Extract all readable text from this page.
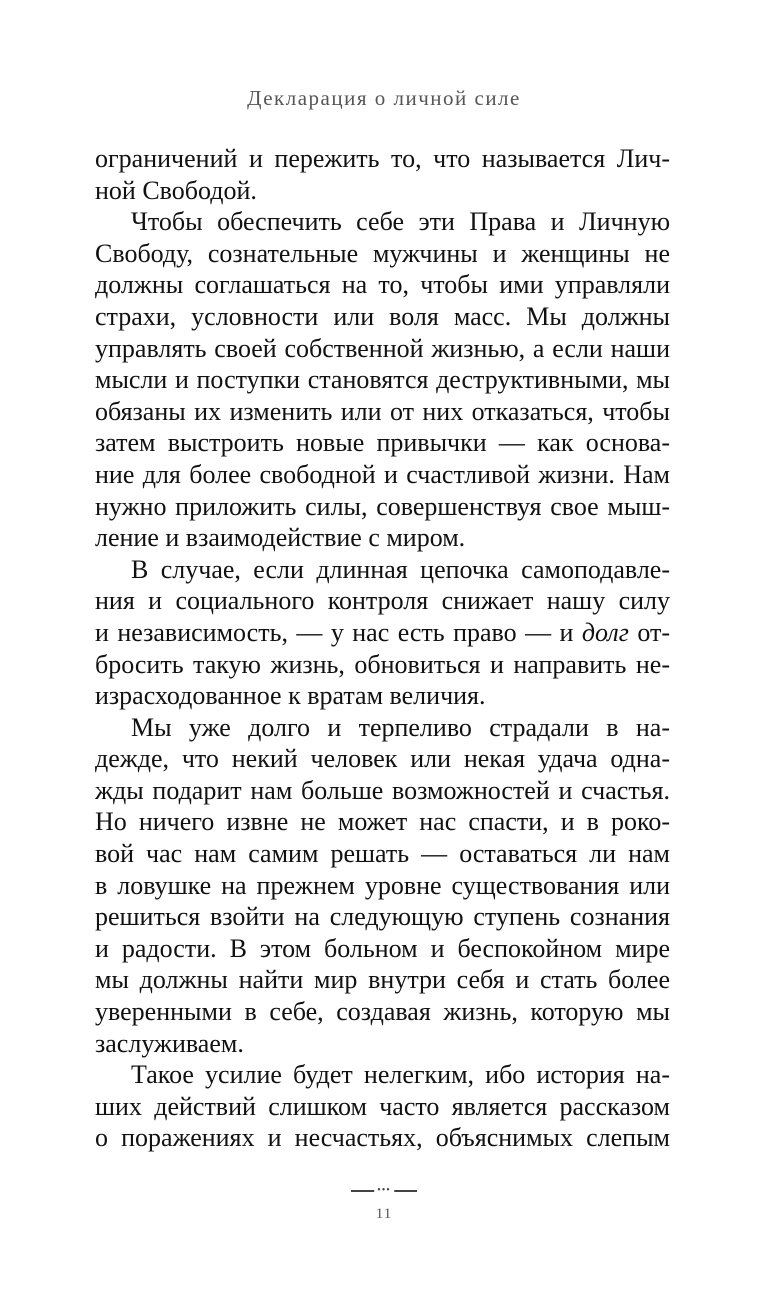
Декларация о личной силе

ограничений и пережить то, что называется Лич-
ной Свободой.

Чтобы обеспечить себе эти Права и Личную
Свободу, сознательные мужчины и женщины не
должны соглашаться на то, чтобы ими управляли
страхи, условности или воля масс. Мы должны
управлять своей собственной жизнью, а если наши
мысли и поступки становятся деструктивными, мы
обязаны их изменить или от них отказаться, чтобы
затем выстроить новые привычки — как основа-
ние для более свободной и счастливой жизни. Нам
нужно приложить силы, совершенствуя свое мыш-
ление и взаимодействие с миром.

В случае, если длинная цепочка самоподавле-
ния и социального контроля снижает нашу силу
и независимость, — у нас есть право — и долг от-
бросить такую жизнь, обновиться и направить не-
израсходованное к вратам величия.

Мы уже долго и терпеливо страдали в на-
дежде, что некий человек или некая удача одна-
жды подарит нам больше возможностей и счастья.
Но ничего извне не может нас спасти, и в роко-
вой час нам самим решать — оставаться ли нам
в ловушке на прежнем уровне существования или
решиться взойти на следующую ступень сознания
и радости. В этом больном и беспокойном мире
мы должны найти мир внутри себя и стать более
уверенными в себе, создавая жизнь, которую мы
заслуживаем.

Такое усилие будет нелегким, ибо история на-
ших действий слишком часто является рассказом
о поражениях и несчастьях, объяснимых слепым

•••
11
